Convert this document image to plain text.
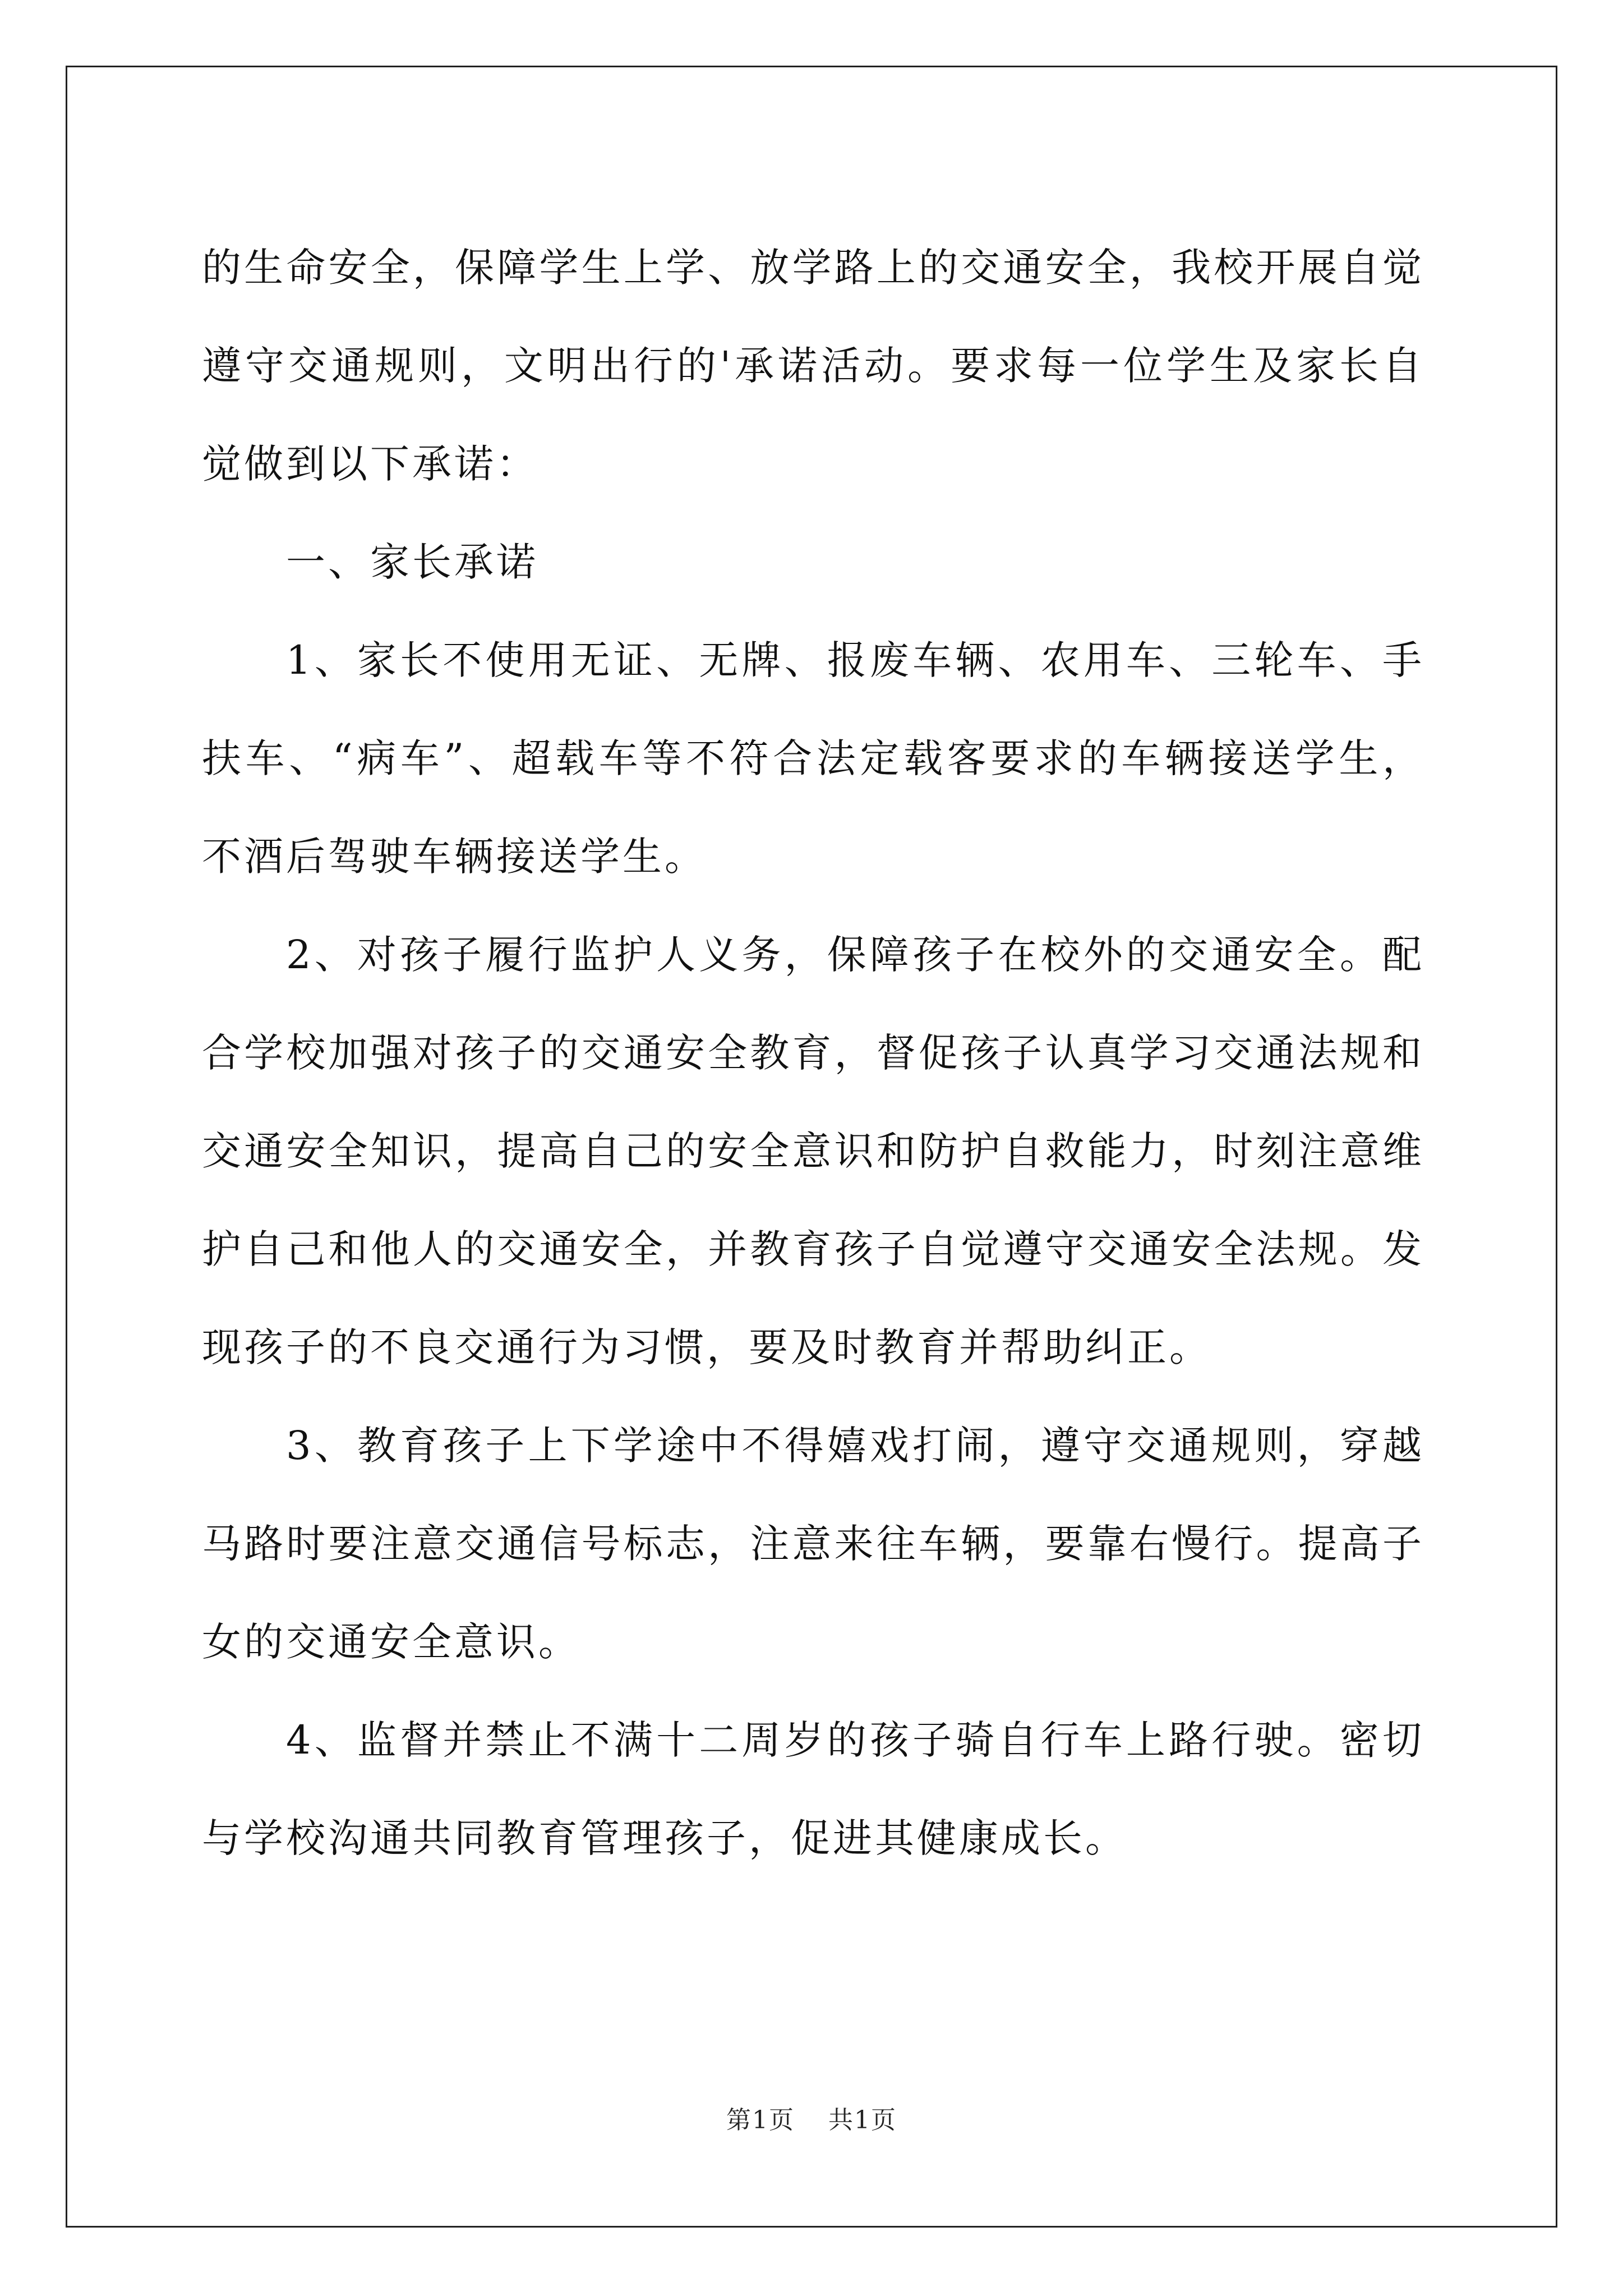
的生命安全，保障学生上学、放学路上的交通安全，我校开展自觉遵守交通规则，文明出行的'承诺活动。要求每一位学生及家长自觉做到以下承诺：

一、家长承诺

1、家长不使用无证、无牌、报废车辆、农用车、三轮车、手扶车、“病车”、超载车等不符合法定载客要求的车辆接送学生，不酒后驾驶车辆接送学生。

2、对孩子履行监护人义务，保障孩子在校外的交通安全。配合学校加强对孩子的交通安全教育，督促孩子认真学习交通法规和交通安全知识，提高自己的安全意识和防护自救能力，时刻注意维护自己和他人的交通安全，并教育孩子自觉遵守交通安全法规。发现孩子的不良交通行为习惯，要及时教育并帮助纠正。

3、教育孩子上下学途中不得嬉戏打闹，遵守交通规则，穿越马路时要注意交通信号标志，注意来往车辆，要靠右慢行。提高子女的交通安全意识。

4、监督并禁止不满十二周岁的孩子骑自行车上路行驶。密切与学校沟通共同教育管理孩子，促进其健康成长。

第1页 共1页
